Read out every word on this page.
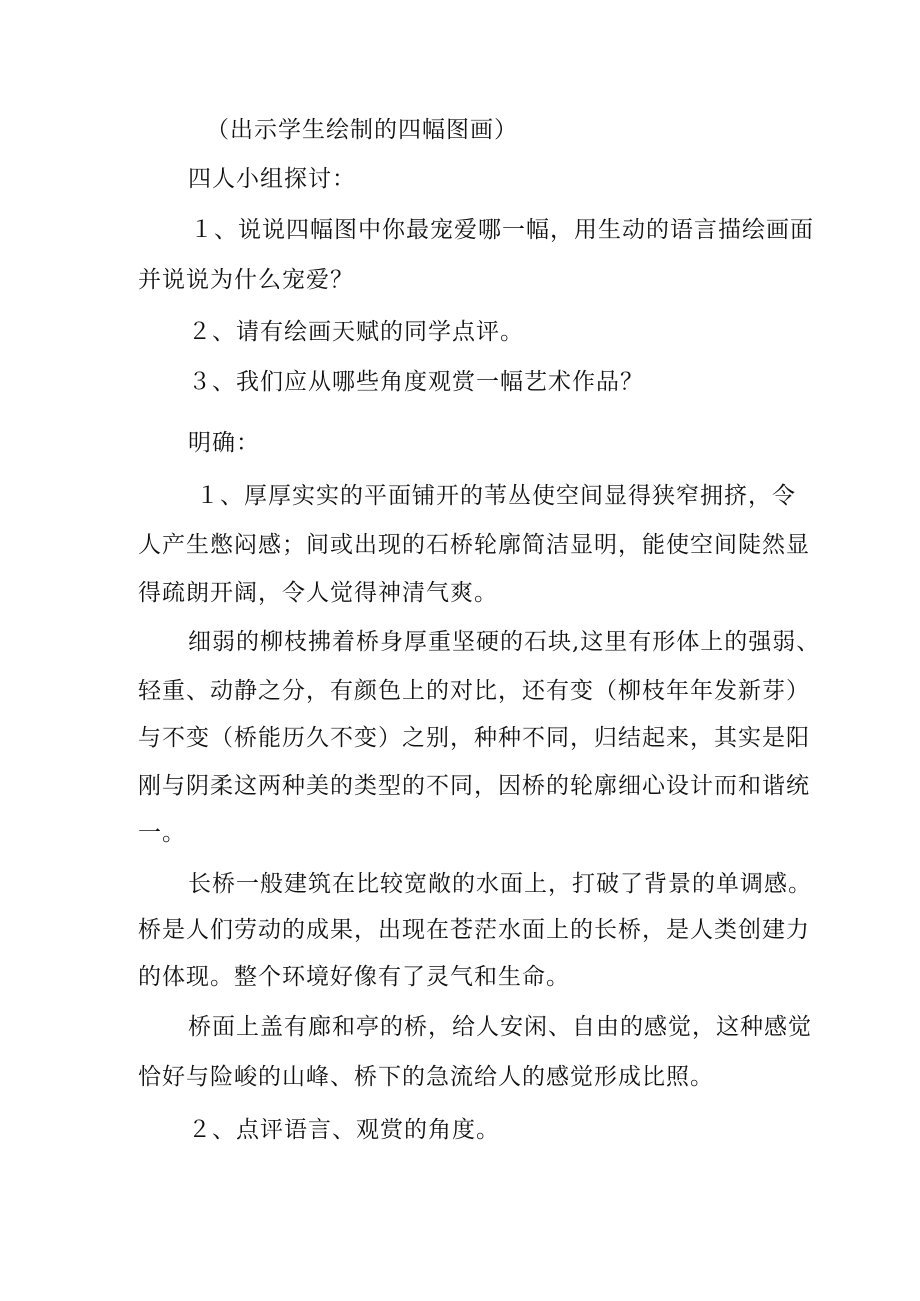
（出示学生绘制的四幅图画）
四人小组探讨：
１、说说四幅图中你最宠爱哪一幅，用生动的语言描绘画面
并说说为什么宠爱？
２、请有绘画天赋的同学点评。
３、我们应从哪些角度观赏一幅艺术作品？
明确：
１、厚厚实实的平面铺开的苇丛使空间显得狭窄拥挤，令
人产生憋闷感；间或出现的石桥轮廓简洁显明，能使空间陡然显
得疏朗开阔，令人觉得神清气爽。
细弱的柳枝拂着桥身厚重坚硬的石块,这里有形体上的强弱、
轻重、动静之分，有颜色上的对比，还有变（柳枝年年发新芽）
与不变（桥能历久不变）之别，种种不同，归结起来，其实是阳
刚与阴柔这两种美的类型的不同，因桥的轮廓细心设计而和谐统
一。
长桥一般建筑在比较宽敞的水面上，打破了背景的单调感。
桥是人们劳动的成果，出现在苍茫水面上的长桥，是人类创建力
的体现。整个环境好像有了灵气和生命。
桥面上盖有廊和亭的桥，给人安闲、自由的感觉，这种感觉
恰好与险峻的山峰、桥下的急流给人的感觉形成比照。
２、点评语言、观赏的角度。
